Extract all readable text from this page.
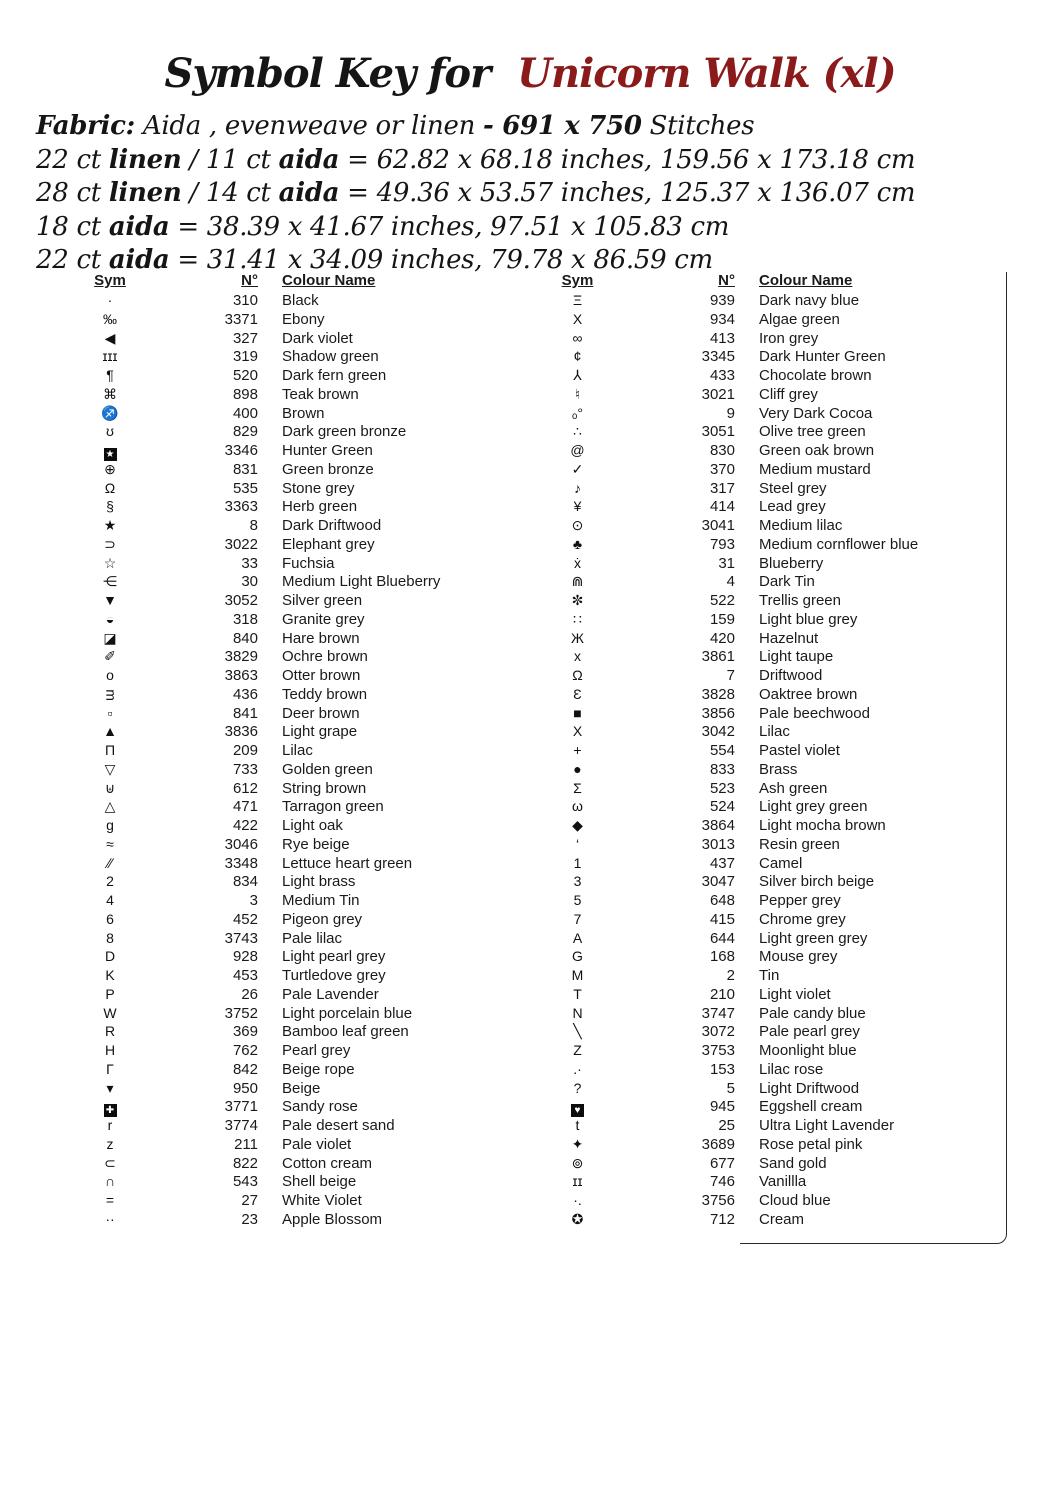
Symbol Key for Unicorn Walk (xl)
Fabric: Aida , evenweave or linen - 691 x 750 Stitches
22 ct linen / 11 ct aida = 62.82 x 68.18 inches, 159.56 x 173.18 cm
28 ct linen / 14 ct aida = 49.36 x 53.57 inches, 125.37 x 136.07 cm
18 ct aida = 38.39 x 41.67 inches, 97.51 x 105.83 cm
22 ct aida = 31.41 x 34.09 inches, 79.78 x 86.59 cm
Sym	N°	Colour Name
·	310	Black
‰	3371	Ebony
◀	327	Dark violet
ɪɪɪ	319	Shadow green
¶	520	Dark fern green
⌘	898	Teak brown
♐	400	Brown
ʊ	829	Dark green bronze
★	3346	Hunter Green
⊕	831	Green bronze
Ω	535	Stone grey
§	3363	Herb green
★	8	Dark Driftwood
⊃	3022	Elephant grey
☆	33	Fuchsia
⋲	30	Medium Light Blueberry
▼	3052	Silver green
◒	318	Granite grey
◪	840	Hare brown
✐	3829	Ochre brown
o	3863	Otter brown
ᴟ	436	Teddy brown
▫	841	Deer brown
▲	3836	Light grape
Π	209	Lilac
▽	733	Golden green
⊎	612	String brown
△	471	Tarragon green
g	422	Light oak
≈	3046	Rye beige
∕∕	3348	Lettuce heart green
2	834	Light brass
4	3	Medium Tin
6	452	Pigeon grey
8	3743	Pale lilac
D	928	Light pearl grey
K	453	Turtledove grey
P	26	Pale Lavender
W	3752	Light porcelain blue
R	369	Bamboo leaf green
H	762	Pearl grey
Γ	842	Beige rope
▾	950	Beige
✚	3771	Sandy rose
r	3774	Pale desert sand
z	211	Pale violet
⊂	822	Cotton cream
∩	543	Shell beige
=	27	White Violet
··	23	Apple Blossom
Sym	N°	Colour Name
Ξ	939	Dark navy blue
X	934	Algae green
∞	413	Iron grey
¢	3345	Dark Hunter Green
⅄	433	Chocolate brown
♮	3021	Cliff grey
ₒ°	9	Very Dark Cocoa
∴	3051	Olive tree green
@	830	Green oak brown
✓	370	Medium mustard
♪	317	Steel grey
¥	414	Lead grey
⊙	3041	Medium lilac
♣	793	Medium cornflower blue
ẋ	31	Blueberry
⋒	4	Dark Tin
✼	522	Trellis green
∷	159	Light blue grey
Ж	420	Hazelnut
x	3861	Light taupe
Ω	7	Driftwood
Ɛ	3828	Oaktree brown
■	3856	Pale beechwood
Χ	3042	Lilac
+	554	Pastel violet
●	833	Brass
Σ	523	Ash green
ω	524	Light grey green
◆	3864	Light mocha brown
‘	3013	Resin green
1	437	Camel
3	3047	Silver birch beige
5	648	Pepper grey
7	415	Chrome grey
A	644	Light green grey
G	168	Mouse grey
M	2	Tin
T	210	Light violet
N	3747	Pale candy blue
╲	3072	Pale pearl grey
Z	3753	Moonlight blue
.·	153	Lilac rose
?	5	Light Driftwood
♥	945	Eggshell cream
t	25	Ultra Light Lavender
✦	3689	Rose petal pink
⊚	677	Sand gold
ɪɪ	746	Vanillla
·.	3756	Cloud blue
✪	712	Cream
